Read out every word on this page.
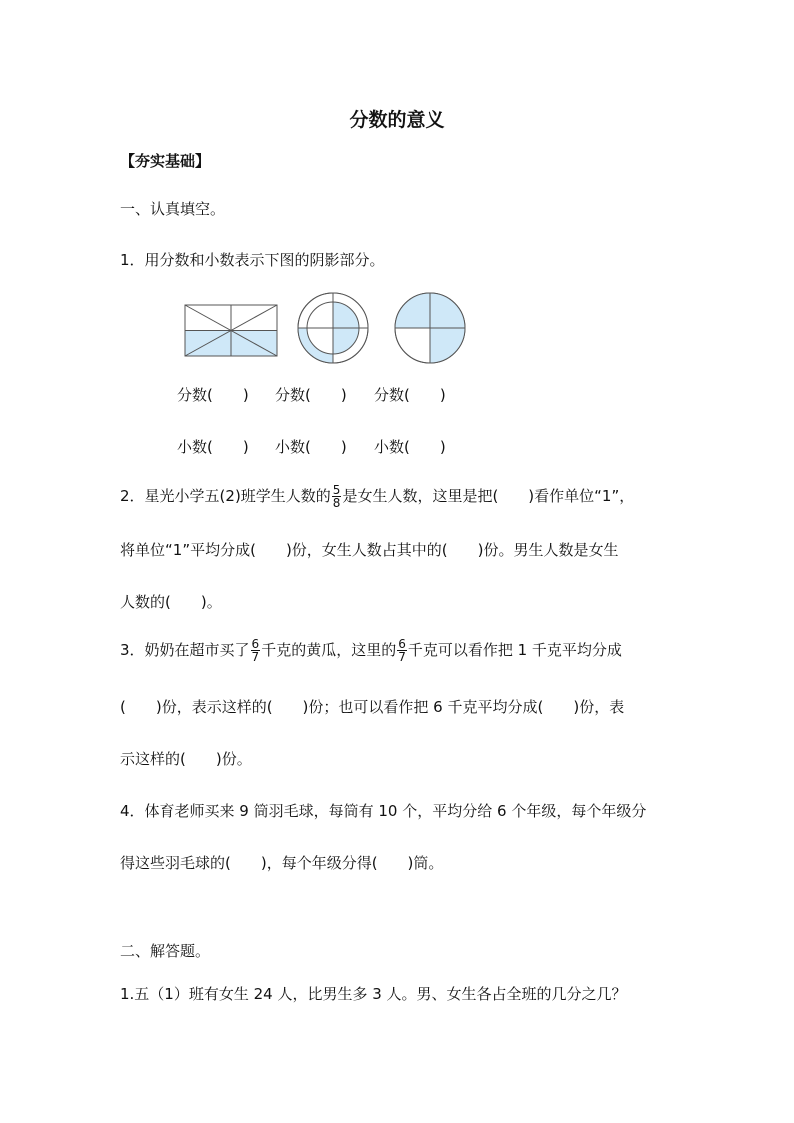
分数的意义
【夯实基础】
一、认真填空。
1．用分数和小数表示下图的阴影部分。
分数(　　) 分数(　　) 分数(　　)
小数(　　) 小数(　　) 小数(　　)
2．星光小学五(2)班学生人数的 $\frac{5}{8}$ 是女生人数，这里是把(　　)看作单位“1”，
将单位“1”平均分成(　　)份，女生人数占其中的(　　)份。男生人数是女生
人数的(　　)。
3．奶奶在超市买了 $\frac{6}{7}$ 千克的黄瓜，这里的 $\frac{6}{7}$ 千克可以看作把 1 千克平均分成
(　　)份，表示这样的(　　)份；也可以看作把 6 千克平均分成(　　)份，表
示这样的(　　)份。
4．体育老师买来 9 筒羽毛球，每筒有 10 个，平均分给 6 个年级，每个年级分
得这些羽毛球的(　　)，每个年级分得(　　)筒。
二、解答题。
1.五（1）班有女生 24 人，比男生多 3 人。男、女生各占全班的几分之几？
